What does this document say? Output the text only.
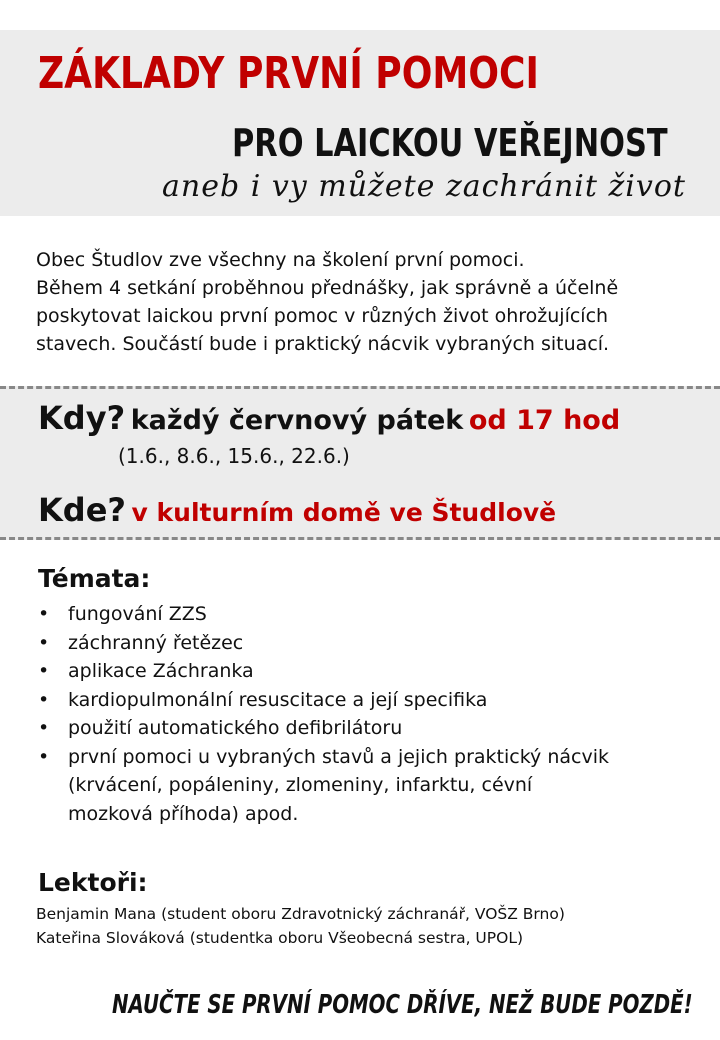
ZÁKLADY PRVNÍ POMOCI
PRO LAICKOU VEŘEJNOST

aneb i vy můžete zachránit život

Obec Študlov zve všechny na školení první pomoci.
Během 4 setkání proběhnou přednášky, jak správně a účelně
poskytovat laickou první pomoc v různých život ohrožujících
stavech. Součástí bude i praktický nácvik vybraných situací.
Kdy? každý červnový pátek od 17 hod
(1.6., 8.6., 15.6., 22.6.)
Kde? v kulturním domě ve Študlově
Témata:
• fungování ZZS
• záchranný řetězec
• aplikace Záchranka
• kardiopulmonální resuscitace a její specifika
• použití automatického defibrilátoru
• první pomoci u vybraných stavů a jejich praktický nácvik
(krvácení, popáleniny, zlomeniny, infarktu, cévní
mozková příhoda) apod.
Lektoři:
Benjamin Mana (student oboru Zdravotnický záchranář, VOŠZ Brno)
Kateřina Slováková (studentka oboru Všeobecná sestra, UPOL)

NAUČTE SE PRVNÍ POMOC DŘÍVE, NEŽ BUDE POZDĚ!
